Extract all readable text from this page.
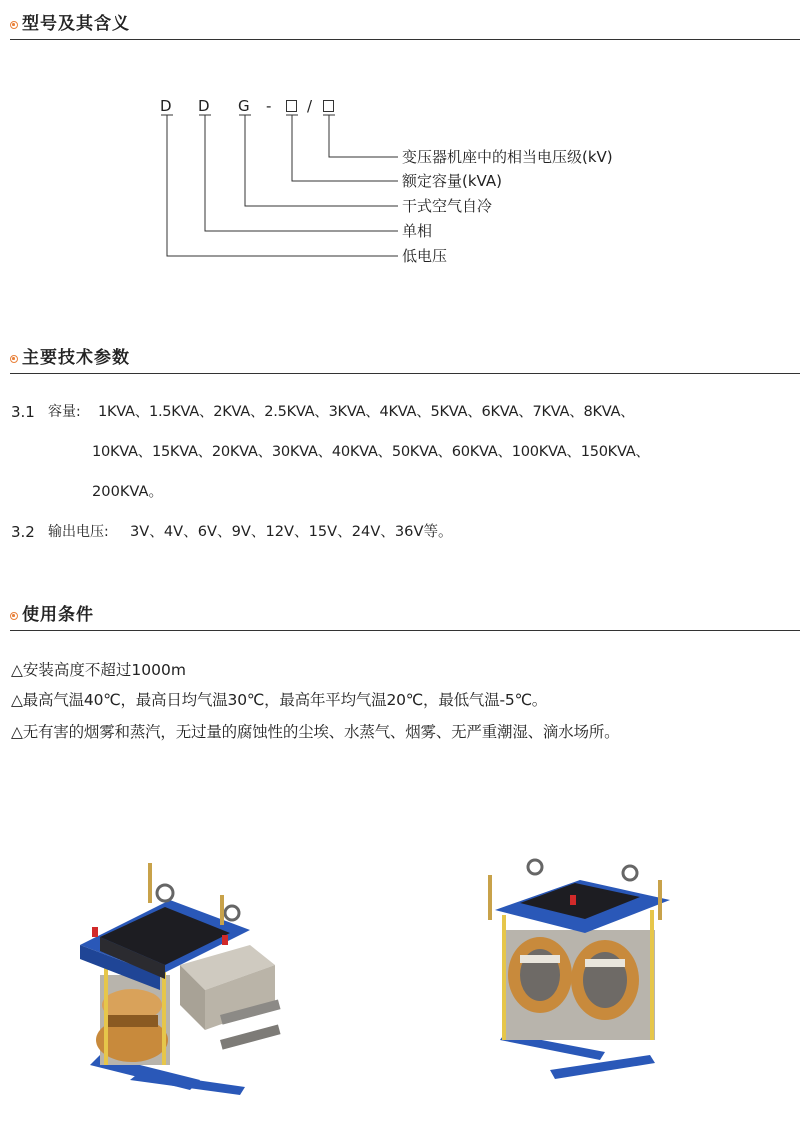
型号及其含义
D D G - /
变压器机座中的相当电压级(kV)
额定容量(kVA)
干式空气自冷
单相
低电压
主要技术参数
3.1 容量: 1KVA、1.5KVA、2KVA、2.5KVA、3KVA、4KVA、5KVA、6KVA、7KVA、8KVA、
10KVA、15KVA、20KVA、30KVA、40KVA、50KVA、60KVA、100KVA、150KVA、
200KVA。
3.2 输出电压: 3V、4V、6V、9V、12V、15V、24V、36V等。
使用条件
△安装高度不超过1000m
△最高气温40℃，最高日均气温30℃，最高年平均气温20℃，最低气温-5℃。
△无有害的烟雾和蒸汽，无过量的腐蚀性的尘埃、水蒸气、烟雾、无严重潮湿、滴水场所。
